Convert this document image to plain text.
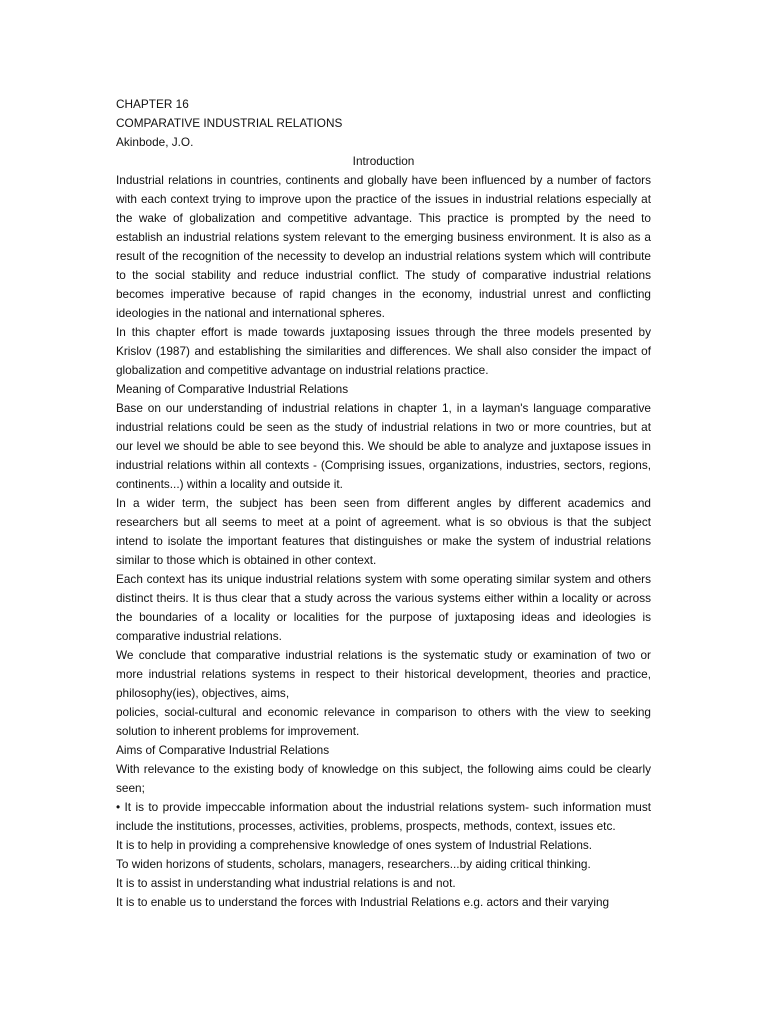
CHAPTER 16
COMPARATIVE INDUSTRIAL RELATIONS
Akinbode, J.O.
Introduction

Industrial relations in countries, continents and globally have been influenced by a number of factors with each context trying to improve upon the practice of the issues in industrial relations especially at the wake of globalization and competitive advantage. This practice is prompted by the need to establish an industrial relations system relevant to the emerging business environment. It is also as a result of the recognition of the necessity to develop an industrial relations system which will contribute to the social stability and reduce industrial conflict. The study of comparative industrial relations becomes imperative because of rapid changes in the economy, industrial unrest and conflicting ideologies in the national and international spheres.

In this chapter effort is made towards juxtaposing issues through the three models presented by Krislov (1987) and establishing the similarities and differences. We shall also consider the impact of globalization and competitive advantage on industrial relations practice.

Meaning of Comparative Industrial Relations

Base on our understanding of industrial relations in chapter 1, in a layman's language comparative industrial relations could be seen as the study of industrial relations in two or more countries, but at our level we should be able to see beyond this. We should be able to analyze and juxtapose issues in industrial relations within all contexts - (Comprising issues, organizations, industries, sectors, regions, continents...) within a locality and outside it.

In a wider term, the subject has been seen from different angles by different academics and researchers but all seems to meet at a point of agreement. what is so obvious is that the subject intend to isolate the important features that distinguishes or make the system of industrial relations similar to those which is obtained in other context.

Each context has its unique industrial relations system with some operating similar system and others distinct theirs. It is thus clear that a study across the various systems either within a locality or across the boundaries of a locality or localities for the purpose of juxtaposing ideas and ideologies is comparative industrial relations.

We conclude that comparative industrial relations is the systematic study or examination of two or more industrial relations systems in respect to their historical development, theories and practice, philosophy(ies), objectives, aims,

policies, social-cultural and economic relevance in comparison to others with the view to seeking solution to inherent problems for improvement.

Aims of Comparative Industrial Relations

With relevance to the existing body of knowledge on this subject, the following aims could be clearly seen;

• It is to provide impeccable information about the industrial relations system- such information must include the institutions, processes, activities, problems, prospects, methods, context, issues etc.

It is to help in providing a comprehensive knowledge of ones system of Industrial Relations.

To widen horizons of students, scholars, managers, researchers...by aiding critical thinking.

It is to assist in understanding what industrial relations is and not.

It is to enable us to understand the forces with Industrial Relations e.g. actors and their varying
